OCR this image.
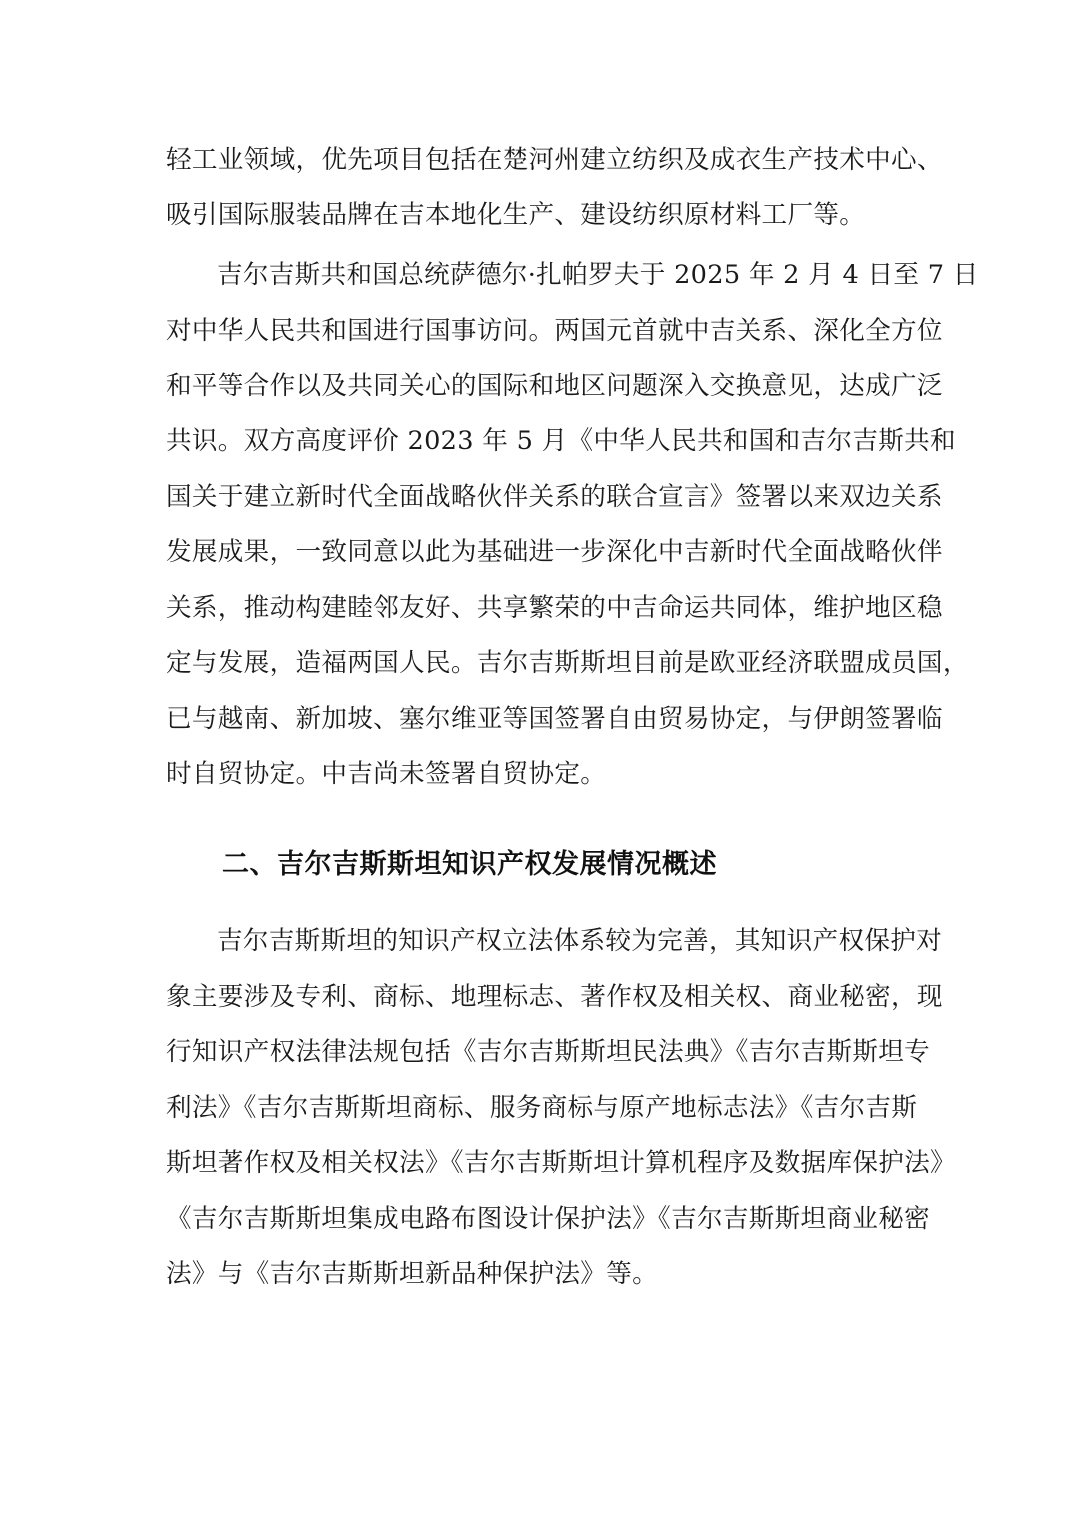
轻工业领域，优先项目包括在楚河州建立纺织及成衣生产技术中心、
吸引国际服装品牌在吉本地化生产、建设纺织原材料工厂等。
吉尔吉斯共和国总统萨德尔·扎帕罗夫于 2025 年 2 月 4 日至 7 日
对中华人民共和国进行国事访问。两国元首就中吉关系、深化全方位
和平等合作以及共同关心的国际和地区问题深入交换意见，达成广泛
共识。双方高度评价 2023 年 5 月《中华人民共和国和吉尔吉斯共和
国关于建立新时代全面战略伙伴关系的联合宣言》签署以来双边关系
发展成果，一致同意以此为基础进一步深化中吉新时代全面战略伙伴
关系，推动构建睦邻友好、共享繁荣的中吉命运共同体，维护地区稳
定与发展，造福两国人民。吉尔吉斯斯坦目前是欧亚经济联盟成员国，
已与越南、新加坡、塞尔维亚等国签署自由贸易协定，与伊朗签署临
时自贸协定。中吉尚未签署自贸协定。
二、吉尔吉斯斯坦知识产权发展情况概述
吉尔吉斯斯坦的知识产权立法体系较为完善，其知识产权保护对
象主要涉及专利、商标、地理标志、著作权及相关权、商业秘密，现
行知识产权法律法规包括《吉尔吉斯斯坦民法典》《吉尔吉斯斯坦专
利法》《吉尔吉斯斯坦商标、服务商标与原产地标志法》《吉尔吉斯
斯坦著作权及相关权法》《吉尔吉斯斯坦计算机程序及数据库保护法》
《吉尔吉斯斯坦集成电路布图设计保护法》《吉尔吉斯斯坦商业秘密
法》与《吉尔吉斯斯坦新品种保护法》等。
